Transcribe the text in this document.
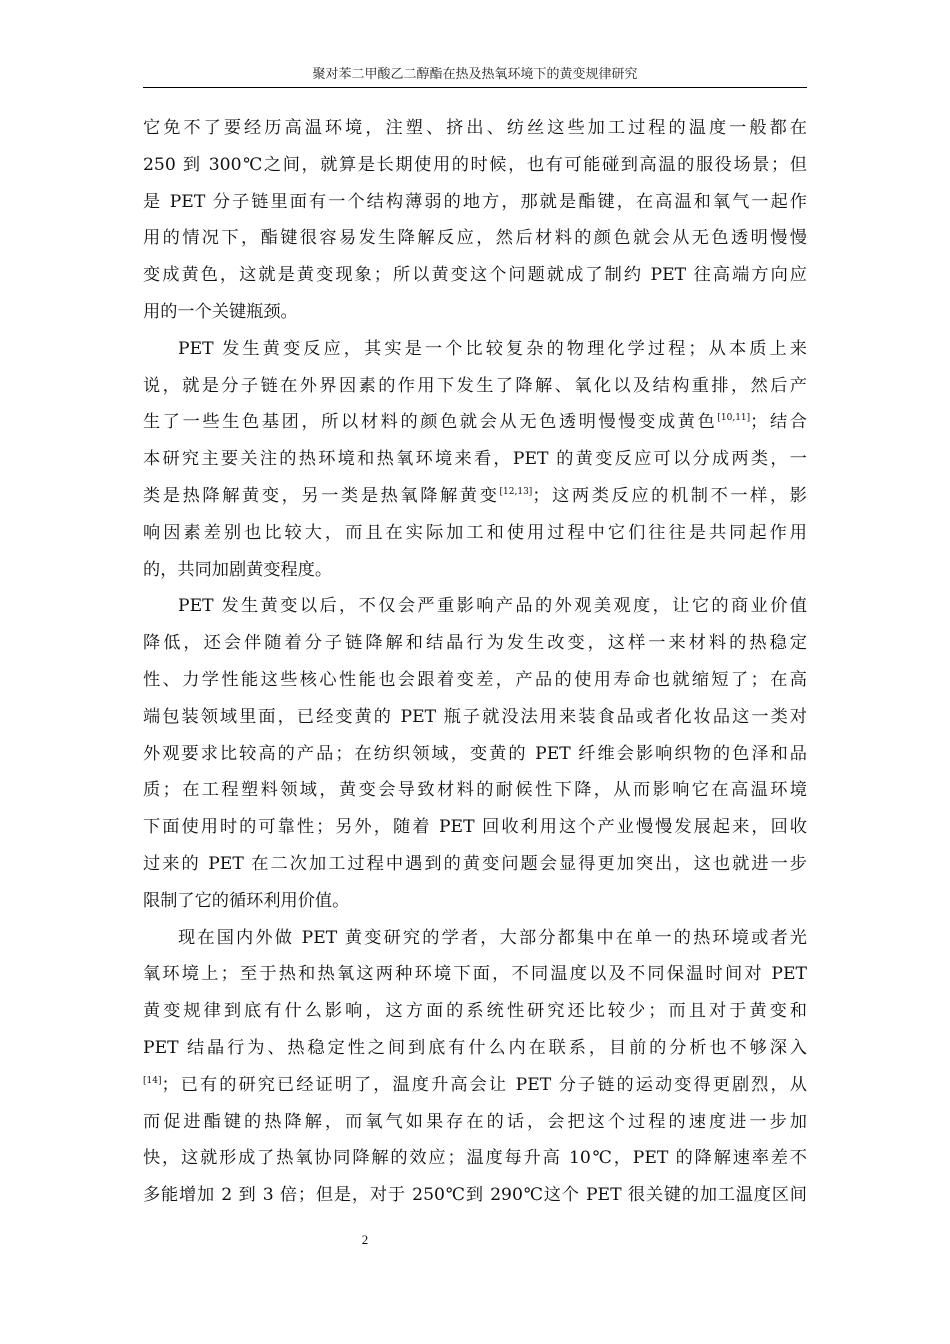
聚对苯二甲酸乙二醇酯在热及热氧环境下的黄变规律研究
它免不了要经历高温环境，注塑、挤出、纺丝这些加工过程的温度一般都在
250 到 300℃之间，就算是长期使用的时候，也有可能碰到高温的服役场景；但
是 PET 分子链里面有一个结构薄弱的地方，那就是酯键，在高温和氧气一起作
用的情况下，酯键很容易发生降解反应，然后材料的颜色就会从无色透明慢慢
变成黄色，这就是黄变现象；所以黄变这个问题就成了制约 PET 往高端方向应
用的一个关键瓶颈。
PET 发生黄变反应，其实是一个比较复杂的物理化学过程；从本质上来
说，就是分子链在外界因素的作用下发生了降解、氧化以及结构重排，然后产
生了一些生色基团，所以材料的颜色就会从无色透明慢慢变成黄色[10,11]；结合
本研究主要关注的热环境和热氧环境来看，PET 的黄变反应可以分成两类，一
类是热降解黄变，另一类是热氧降解黄变[12,13]；这两类反应的机制不一样，影
响因素差别也比较大，而且在实际加工和使用过程中它们往往是共同起作用
的，共同加剧黄变程度。
PET 发生黄变以后，不仅会严重影响产品的外观美观度，让它的商业价值
降低，还会伴随着分子链降解和结晶行为发生改变，这样一来材料的热稳定
性、力学性能这些核心性能也会跟着变差，产品的使用寿命也就缩短了；在高
端包装领域里面，已经变黄的 PET 瓶子就没法用来装食品或者化妆品这一类对
外观要求比较高的产品；在纺织领域，变黄的 PET 纤维会影响织物的色泽和品
质；在工程塑料领域，黄变会导致材料的耐候性下降，从而影响它在高温环境
下面使用时的可靠性；另外，随着 PET 回收利用这个产业慢慢发展起来，回收
过来的 PET 在二次加工过程中遇到的黄变问题会显得更加突出，这也就进一步
限制了它的循环利用价值。
现在国内外做 PET 黄变研究的学者，大部分都集中在单一的热环境或者光
氧环境上；至于热和热氧这两种环境下面，不同温度以及不同保温时间对 PET
黄变规律到底有什么影响，这方面的系统性研究还比较少；而且对于黄变和
PET 结晶行为、热稳定性之间到底有什么内在联系，目前的分析也不够深入
[14]；已有的研究已经证明了，温度升高会让 PET 分子链的运动变得更剧烈，从
而促进酯键的热降解，而氧气如果存在的话，会把这个过程的速度进一步加
快，这就形成了热氧协同降解的效应；温度每升高 10℃，PET 的降解速率差不
多能增加 2 到 3 倍；但是，对于 250℃到 290℃这个 PET 很关键的加工温度区间
2
